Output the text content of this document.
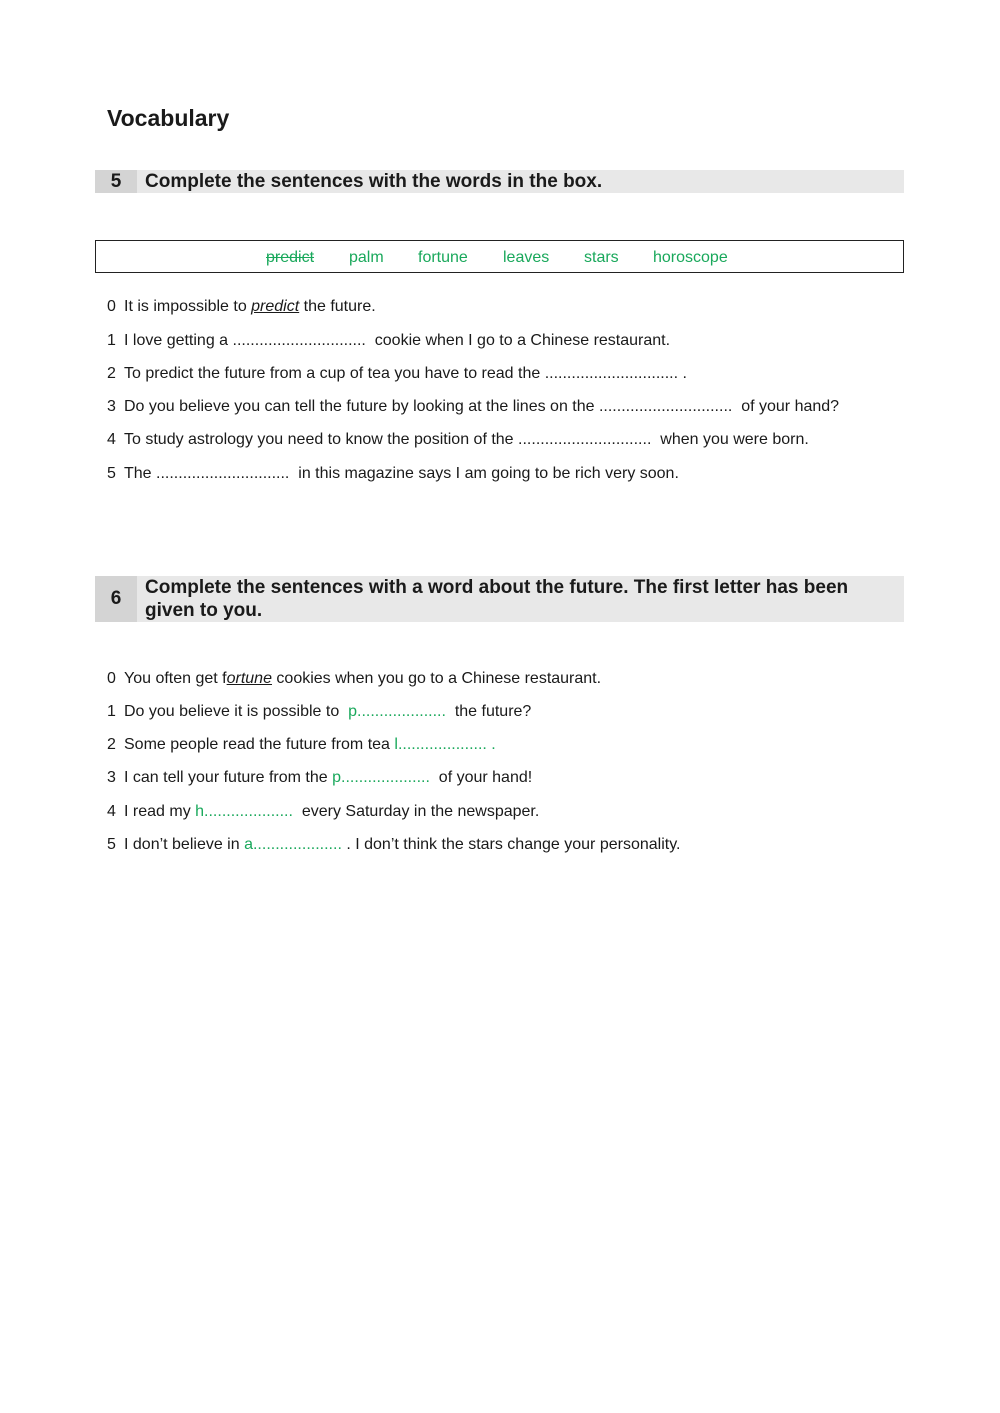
Vocabulary
5	Complete the sentences with the words in the box.
predict palm fortune leaves stars horoscope
0 It is impossible to predict the future.
1 I love getting a ..............................  cookie when I go to a Chinese restaurant.
2 To predict the future from a cup of tea you have to read the .............................. .
3 Do you believe you can tell the future by looking at the lines on the ..............................  of your hand?
4 To study astrology you need to know the position of the ..............................  when you were born.
5 The ..............................  in this magazine says I am going to be rich very soon.
6
Complete the sentences with a word about the future. The first letter has been given to you.
0 You often get fortune cookies when you go to a Chinese restaurant.
1 Do you believe it is possible to  p....................  the future?
2 Some people read the future from tea l.................... .
3 I can tell your future from the p....................  of your hand!
4 I read my h....................  every Saturday in the newspaper.
5 I don’t believe in a.................... . I don’t think the stars change your personality.
